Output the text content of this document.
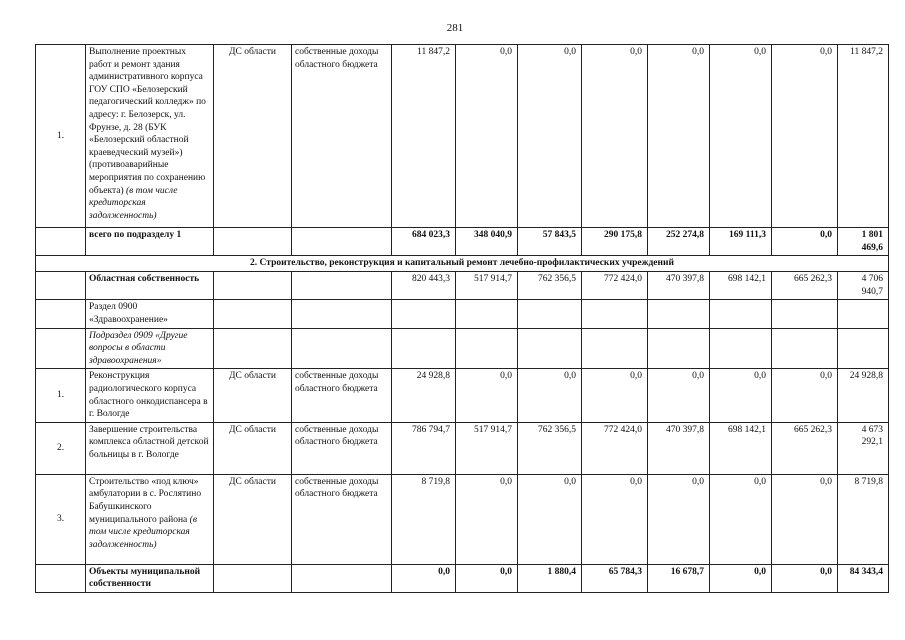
281
1.	Выполнение проектных работ и ремонт здания административного корпуса ГОУ СПО «Белозерский педагогический колледж» по адресу: г. Белозерск, ул. Фрунзе, д. 28 (БУК «Белозерский областной краеведческий музей») (противоаварийные мероприятия по сохранению объекта) (в том числе кредиторская задолженность)	ДС области	собственные доходы областного бюджета	11 847,2	0,0	0,0	0,0	0,0	0,0	0,0	11 847,2
	всего по подразделу 1			684 023,3	348 040,9	57 843,5	290 175,8	252 274,8	169 111,3	0,0	1 801 469,6
2. Строительство, реконструкция и капитальный ремонт лечебно-профилактических учреждений											
	Областная собственность			820 443,3	517 914,7	762 356,5	772 424,0	470 397,8	698 142,1	665 262,3	4 706 940,7
	Раздел 0900 «Здравоохранение»										
	Подраздел 0909 «Другие вопросы в области здравоохранения»										
1.	Реконструкция радиологического корпуса областного онкодиспансера в г. Вологде	ДС области	собственные доходы областного бюджета	24 928,8	0,0	0,0	0,0	0,0	0,0	0,0	24 928,8
2.	Завершение строительства комплекса областной детской больницы в г. Вологде	ДС области	собственные доходы областного бюджета	786 794,7	517 914,7	762 356,5	772 424,0	470 397,8	698 142,1	665 262,3	4 673 292,1
3.	Строительство «под ключ» амбулатории в с. Рослятино Бабушкинского муниципального района (в том числе кредиторская задолженность)	ДС области	собственные доходы областного бюджета	8 719,8	0,0	0,0	0,0	0,0	0,0	0,0	8 719,8
	Объекты муниципальной собственности			0,0	0,0	1 880,4	65 784,3	16 678,7	0,0	0,0	84 343,4
